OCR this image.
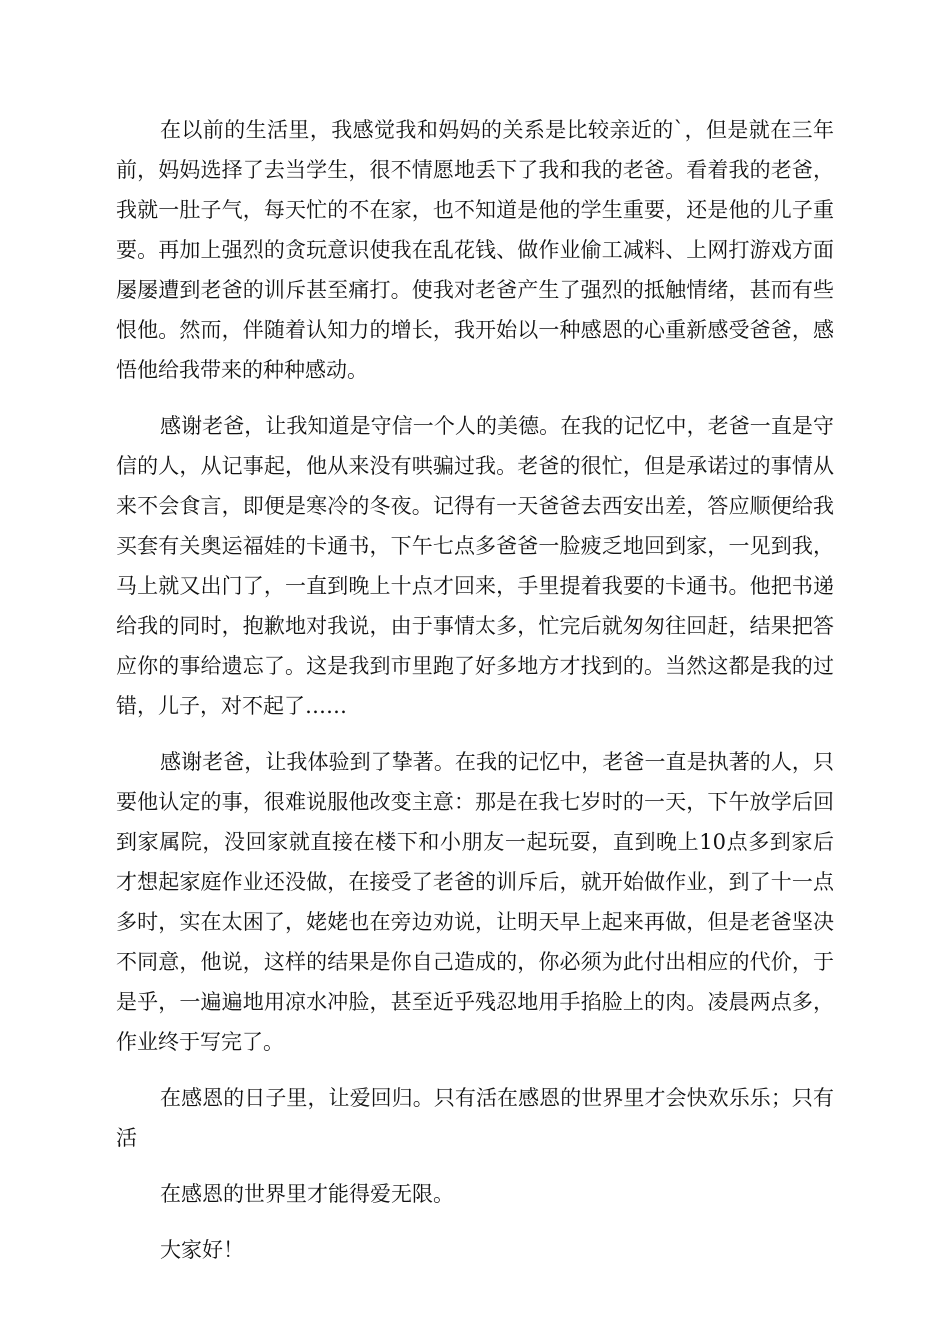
在以前的生活里，我感觉我和妈妈的关系是比较亲近的`，但是就在三年前，妈妈选择了去当学生，很不情愿地丢下了我和我的老爸。看着我的老爸，我就一肚子气，每天忙的不在家，也不知道是他的学生重要，还是他的儿子重要。再加上强烈的贪玩意识使我在乱花钱、做作业偷工减料、上网打游戏方面屡屡遭到老爸的训斥甚至痛打。使我对老爸产生了强烈的抵触情绪，甚而有些恨他。然而，伴随着认知力的增长，我开始以一种感恩的心重新感受爸爸，感悟他给我带来的种种感动。

感谢老爸，让我知道是守信一个人的美德。在我的记忆中，老爸一直是守信的人，从记事起，他从来没有哄骗过我。老爸的很忙，但是承诺过的事情从来不会食言，即便是寒冷的冬夜。记得有一天爸爸去西安出差，答应顺便给我买套有关奥运福娃的卡通书，下午七点多爸爸一脸疲乏地回到家，一见到我，马上就又出门了，一直到晚上十点才回来，手里提着我要的卡通书。他把书递给我的同时，抱歉地对我说，由于事情太多，忙完后就匆匆往回赶，结果把答应你的事给遗忘了。这是我到市里跑了好多地方才找到的。当然这都是我的过错，儿子，对不起了……

感谢老爸，让我体验到了挚著。在我的记忆中，老爸一直是执著的人，只要他认定的事，很难说服他改变主意：那是在我七岁时的一天，下午放学后回到家属院，没回家就直接在楼下和小朋友一起玩耍，直到晚上10点多到家后才想起家庭作业还没做，在接受了老爸的训斥后，就开始做作业，到了十一点多时，实在太困了，姥姥也在旁边劝说，让明天早上起来再做，但是老爸坚决不同意，他说，这样的结果是你自己造成的，你必须为此付出相应的代价，于是乎，一遍遍地用凉水冲脸，甚至近乎残忍地用手掐脸上的肉。凌晨两点多，作业终于写完了。

在感恩的日子里，让爱回归。只有活在感恩的世界里才会快欢乐乐；只有活

在感恩的世界里才能得爱无限。

大家好！
